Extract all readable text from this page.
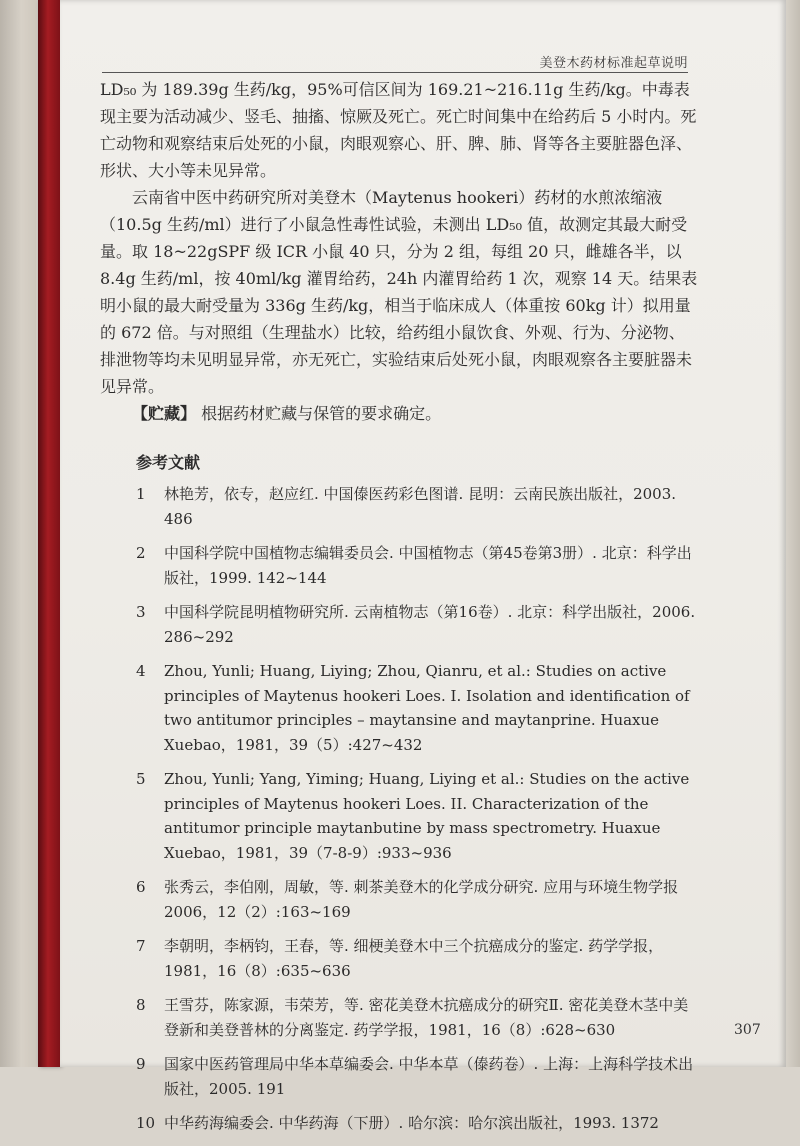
美登木药材标准起草说明

LD₅₀ 为 189.39g 生药/kg，95%可信区间为 169.21~216.11g 生药/kg。中毒表现主要为活动减少、竖毛、抽搐、惊厥及死亡。死亡时间集中在给药后 5 小时内。死亡动物和观察结束后处死的小鼠，肉眼观察心、肝、脾、肺、肾等各主要脏器色泽、形状、大小等未见异常。

云南省中医中药研究所对美登木（Maytenus hookeri）药材的水煎浓缩液（10.5g 生药/ml）进行了小鼠急性毒性试验，未测出 LD₅₀ 值，故测定其最大耐受量。取 18~22gSPF 级 ICR 小鼠 40 只，分为 2 组，每组 20 只，雌雄各半，以 8.4g 生药/ml，按 40ml/kg 灌胃给药，24h 内灌胃给药 1 次，观察 14 天。结果表明小鼠的最大耐受量为 336g 生药/kg，相当于临床成人（体重按 60kg 计）拟用量的 672 倍。与对照组（生理盐水）比较，给药组小鼠饮食、外观、行为、分泌物、排泄物等均未见明显异常，亦无死亡，实验结束后处死小鼠，肉眼观察各主要脏器未见异常。

【贮藏】 根据药材贮藏与保管的要求确定。

参考文献

1	林艳芳，依专，赵应红. 中国傣医药彩色图谱. 昆明：云南民族出版社，2003. 486
2	中国科学院中国植物志编辑委员会. 中国植物志（第45卷第3册）. 北京：科学出版社，1999. 142~144
3	中国科学院昆明植物研究所. 云南植物志（第16卷）. 北京：科学出版社，2006. 286~292
4	Zhou, Yunli; Huang, Liying; Zhou, Qianru, et al.: Studies on active principles of Maytenus hookeri Loes. I. Isolation and identification of two antitumor principles – maytansine and maytanprine. Huaxue Xuebao，1981，39（5）:427~432
5	Zhou, Yunli; Yang, Yiming; Huang, Liying et al.: Studies on the active principles of Maytenus hookeri Loes. II. Characterization of the antitumor principle maytanbutine by mass spectrometry. Huaxue Xuebao，1981，39（7-8-9）:933~936
6	张秀云，李伯刚，周敏，等. 刺茶美登木的化学成分研究. 应用与环境生物学报 2006，12（2）:163~169
7	李朝明，李柄钧，王春，等. 细梗美登木中三个抗癌成分的鉴定. 药学学报，1981，16（8）:635~636
8	王雪芬，陈家源，韦荣芳，等. 密花美登木抗癌成分的研究Ⅱ. 密花美登木茎中美登新和美登普林的分离鉴定. 药学学报，1981，16（8）:628~630
9	国家中医药管理局中华本草编委会. 中华本草（傣药卷）. 上海：上海科学技术出版社，2005. 191
10 中华药海编委会. 中华药海（下册）. 哈尔滨：哈尔滨出版社，1993. 1372
307
